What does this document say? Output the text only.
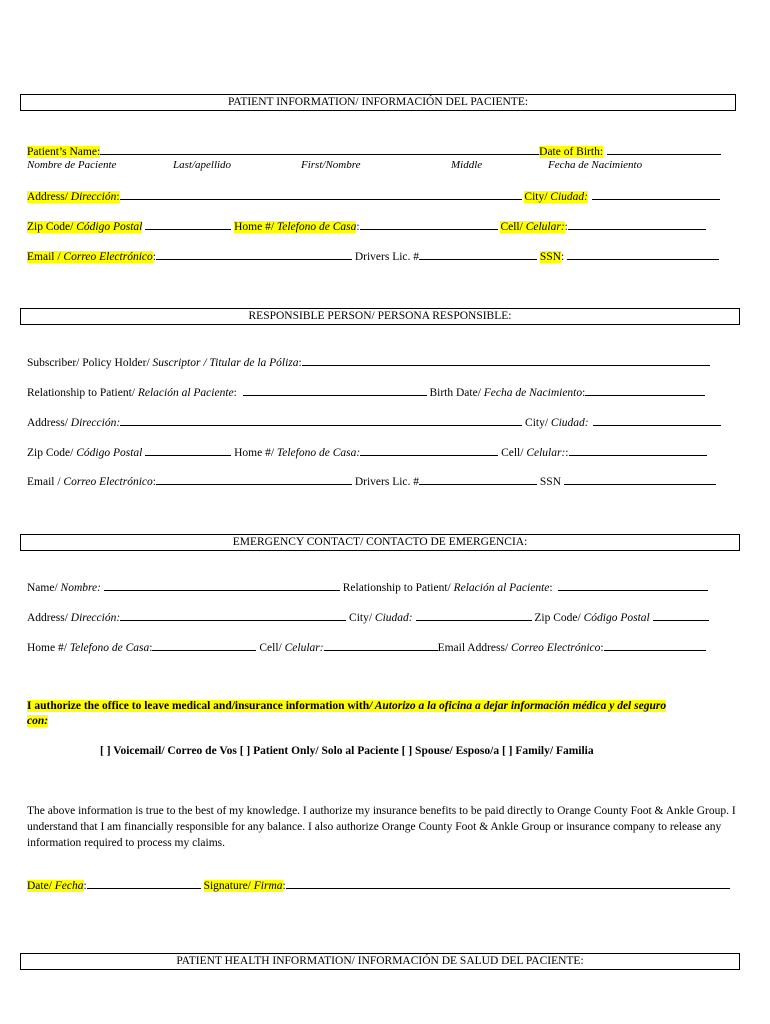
PATIENT INFORMATION/ INFORMACIÓN DEL PACIENTE:
Patient’s Name:	Date of Birth:
Nombre de Paciente	Last/apellido	First/Nombre	Middle	Fecha de Nacimiento
Address/ Dirección:	City/ Ciudad:
Zip Code/ Código Postal	Home #/ Telefono de Casa:	Cell/ Celular::
Email / Correo Electrónico:	Drivers Lic. #	SSN:
RESPONSIBLE PERSON/ PERSONA RESPONSIBLE:
Subscriber/ Policy Holder/ Suscriptor / Titular de la Póliza:
Relationship to Patient/ Relación al Paciente:	Birth Date/ Fecha de Nacimiento:
Address/ Dirección:	City/ Ciudad:
Zip Code/ Código Postal	Home #/ Telefono de Casa:	Cell/ Celular::
Email / Correo Electrónico:	Drivers Lic. #	SSN
EMERGENCY CONTACT/ CONTACTO DE EMERGENCIA:
Name/ Nombre:	Relationship to Patient/ Relación al Paciente:
Address/ Dirección:	City/ Ciudad:	Zip Code/ Código Postal
Home #/ Telefono de Casa:	Cell/ Celular:	Email Address/ Correo Electrónico:
I authorize the office to leave medical and/insurance information with/ Autorizo a la oficina a dejar información médica y del seguro
con:
[ ] Voicemail/ Correo de Vos [ ] Patient Only/ Solo al Paciente [ ] Spouse/ Esposo/a [ ] Family/ Familia
The above information is true to the best of my knowledge. I authorize my insurance benefits to be paid directly to Orange County Foot & Ankle Group. I understand that I am financially responsible for any balance. I also authorize Orange County Foot & Ankle Group or insurance company to release any information required to process my claims.
Date/ Fecha:	Signature/ Firma:
PATIENT HEALTH INFORMATION/ INFORMACIÓN DE SALUD DEL PACIENTE:
